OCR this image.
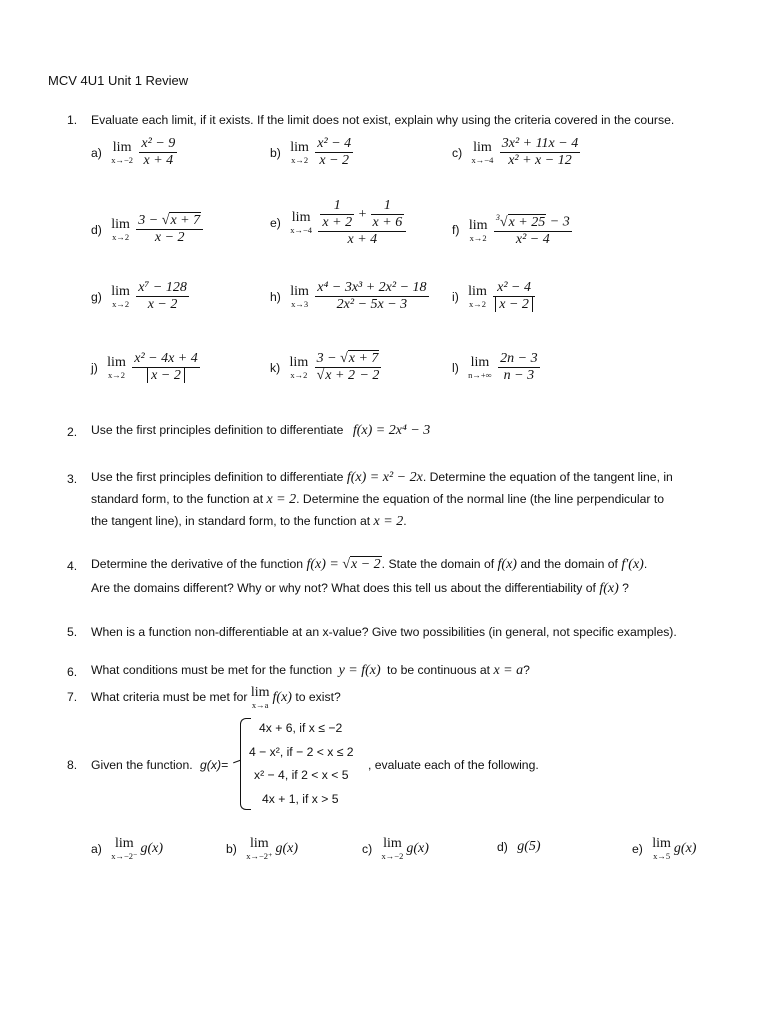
MCV 4U1 Unit 1 Review
1. Evaluate each limit, if it exists. If the limit does not exist, explain why using the criteria covered in the course.
a) lim
x→−2
$\frac{\text{x² − 9}}{x + 4}$	b) lim
x→2
$\frac{\text{x² − 4}}{x - 2}$	c) lim
x→−4
$\frac{\text{3x² + 11x − 4}}{\text{x² + x − 12}}$
d) lim
x→2
$\frac{3 - √x + 7}{x - 2}$	e) lim
x→−4
$\frac{\frac{1}{x + 2} + \frac{1}{x + 6}}{x + 4}$	f) lim
x→2
$\frac{^3√x + 25 - 3}{\text{x² − 4}}$
g) lim
x→2
$\frac{\text{x⁷ − 128}}{x - 2}$	h) lim
x→3
$\frac{\text{x⁴ − 3x³ + 2x² − 18}}{\text{2x² − 5x − 3}} i$) lim
x→2
$\frac{\text{x² − 4}}{x - 2}$
j) lim
x→2
$\frac{\text{x² − 4x + 4}}{x - 2}$	k) lim
x→2
$\frac{3 - √x + 7}{√x + 2 - 2}$	l) lim
n→+∞
$\frac{2n - 3}{n - 3}$
2. Use the first principles definition to differentiate f(x) = 2x⁴ − 3
3. Use the first principles definition to differentiate f(x) = x² − 2x. Determine the equation of the tangent line, in
standard form, to the function at x = 2. Determine the equation of the normal line (the line perpendicular to
the tangent line), in standard form, to the function at x = 2.
4. Determine the derivative of the function f(x) = √x − 2. State the domain of f(x) and the domain of f′(x).
Are the domains different? Why or why not? What does this tell us about the differentiability of f(x) ?
5. When is a function non-differentiable at an x-value? Give two possibilities (in general, not specific examples).
6. What conditions must be met for the function y = f(x) to be continuous at x = a?
7. What criteria must be met for lim
x→a
f(x) to exist?
8. Given the function. g(x)=
4x + 6, if x ≤ −2
4 − x², if − 2 < x ≤ 2
x² − 4, if 2 < x < 5
4x + 1, if x > 5
, evaluate each of the following.
a) lim
x→−2⁻
g(x)	b) lim
x→−2⁺
g(x)	c) lim
x→−2
g(x)	d) g(5)	e) lim
x→5
g(x)
